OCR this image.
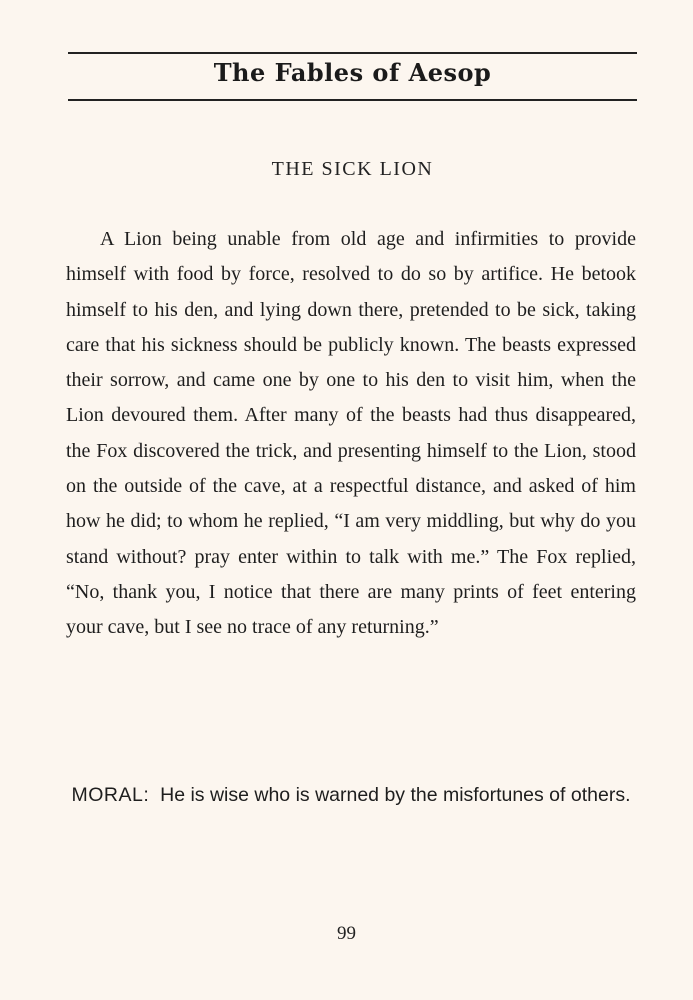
The Fables of Aesop
THE SICK LION

A Lion being unable from old age and infirmities to provide himself with food by force, resolved to do so by artifice. He betook himself to his den, and lying down there, pretended to be sick, taking care that his sickness should be publicly known. The beasts expressed their sorrow, and came one by one to his den to visit him, when the Lion devoured them. After many of the beasts had thus disappeared, the Fox discovered the trick, and presenting himself to the Lion, stood on the outside of the cave, at a respectful distance, and asked of him how he did; to whom he replied, “I am very middling, but why do you stand without? pray enter within to talk with me.” The Fox replied, “No, thank you, I notice that there are many prints of feet entering your cave, but I see no trace of any returning.”

MORAL: He is wise who is warned by the misfortunes of others.

99
